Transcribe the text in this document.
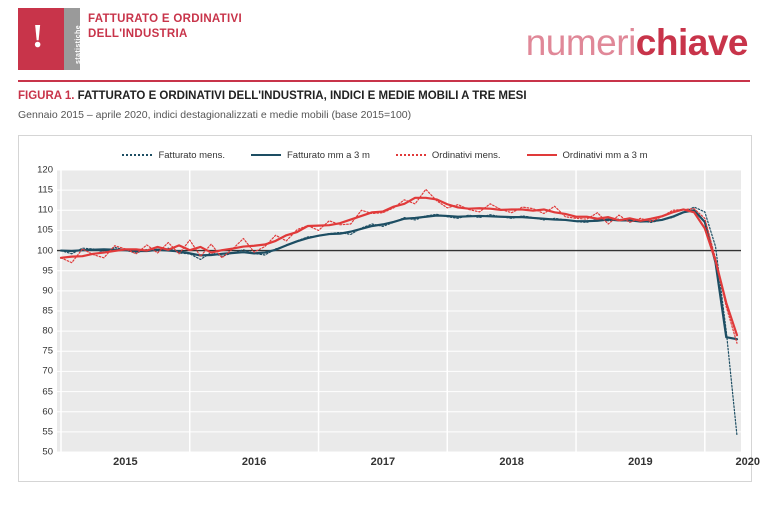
!	statistiche
FATTURATO E ORDINATIVI
DELL'INDUSTRIA	numerichiave
FIGURA 1. FATTURATO E ORDINATIVI DELL'INDUSTRIA, INDICI E MEDIE MOBILI A TRE MESI
Gennaio 2015 – aprile 2020, indici destagionalizzati e medie mobili (base 2015=100)
Fatturato mens.	Fatturato mm a 3 m	Ordinativi mens.	Ordinativi mm a 3 m
50
55
60
65
70
75
80
85
90
95
100
105
110
115
120
2015	2016	2017	2018	2019	2020
